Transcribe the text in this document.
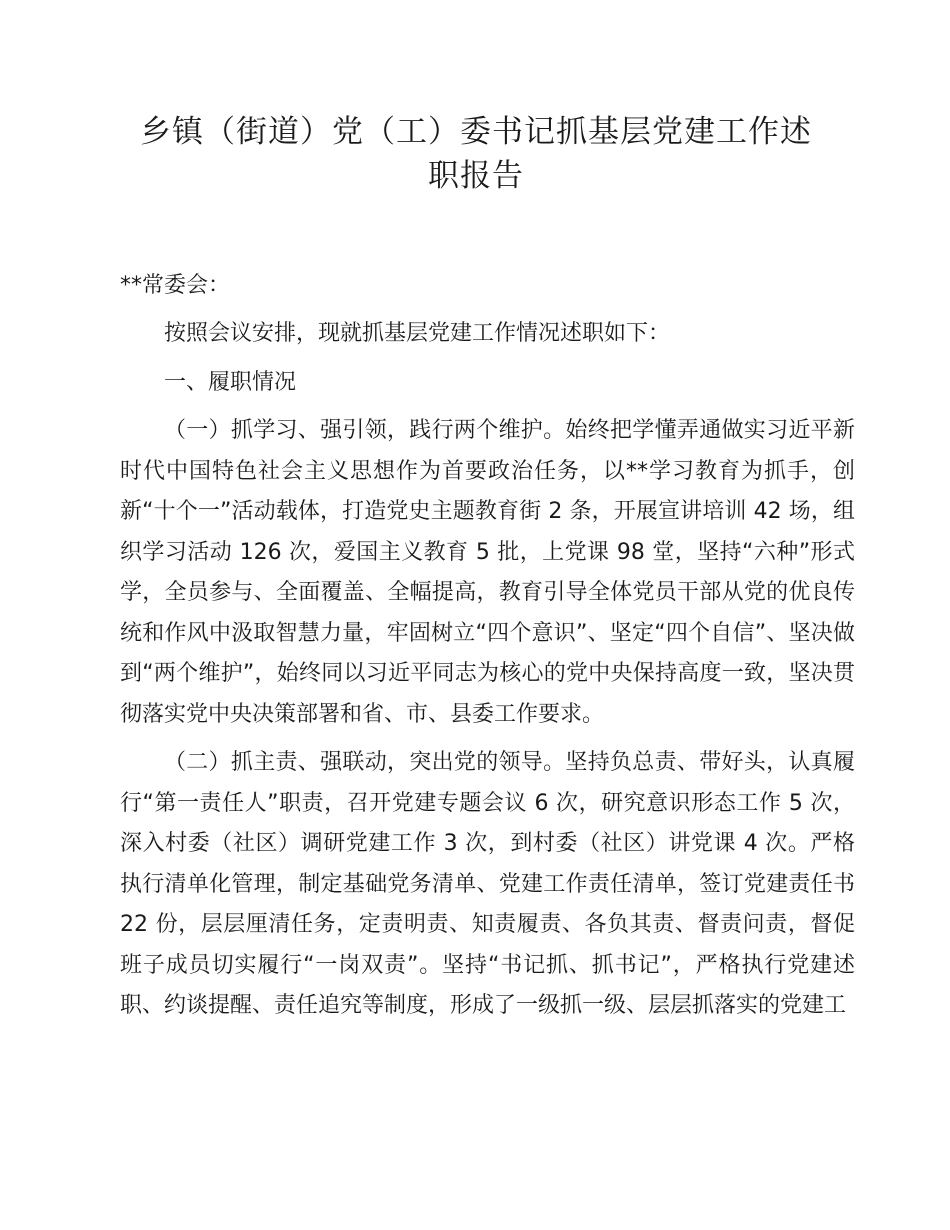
乡镇（街道）党（工）委书记抓基层党建工作述
职报告

**常委会：

按照会议安排，现就抓基层党建工作情况述职如下：

一、履职情况

（一）抓学习、强引领，践行两个维护。始终把学懂弄通做实习近平新时代中国特色社会主义思想作为首要政治任务，以**学习教育为抓手，创新“十个一”活动载体，打造党史主题教育街 2 条，开展宣讲培训 42 场，组织学习活动 126 次，爱国主义教育 5 批，上党课 98 堂，坚持“六种”形式学，全员参与、全面覆盖、全幅提高，教育引导全体党员干部从党的优良传统和作风中汲取智慧力量，牢固树立“四个意识”、坚定“四个自信”、坚决做到“两个维护”，始终同以习近平同志为核心的党中央保持高度一致，坚决贯彻落实党中央决策部署和省、市、县委工作要求。

（二）抓主责、强联动，突出党的领导。坚持负总责、带好头，认真履行“第一责任人”职责，召开党建专题会议 6 次，研究意识形态工作 5 次，深入村委（社区）调研党建工作 3 次，到村委（社区）讲党课 4 次。严格执行清单化管理，制定基础党务清单、党建工作责任清单，签订党建责任书 22 份，层层厘清任务，定责明责、知责履责、各负其责、督责问责，督促班子成员切实履行“一岗双责”。坚持“书记抓、抓书记”，严格执行党建述职、约谈提醒、责任追究等制度，形成了一级抓一级、层层抓落实的党建工
